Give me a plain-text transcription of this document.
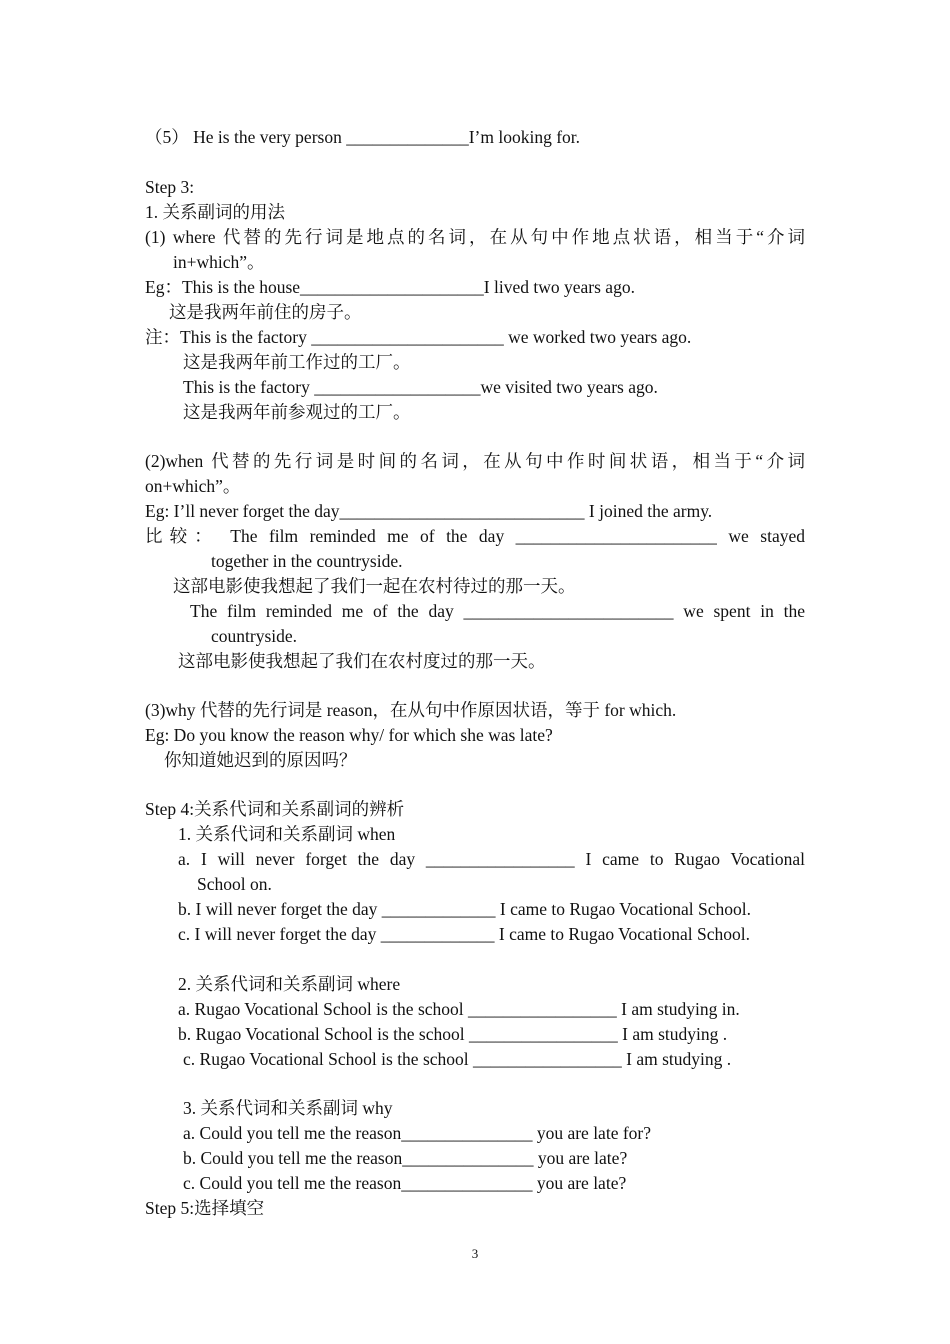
（5） He is the very person ______________I’m looking for.
Step 3:
1. 关系副词的用法
(1) where 代替的先行词是地点的名词，在从句中作地点状语，相当于“介词
in+which”。
Eg：This is the house_____________________I lived two years ago.
这是我两年前住的房子。
注：This is the factory ______________________ we worked two years ago.
这是我两年前工作过的工厂。
This is the factory ___________________we visited two years ago.
这是我两年前参观过的工厂。
(2)when 代替的先行词是时间的名词，在从句中作时间状语，相当于“介词
on+which”。
Eg: I’ll never forget the day____________________________ I joined the army.
比较： The film reminded me of the day _______________________ we stayed
together in the countryside.
这部电影使我想起了我们一起在农村待过的那一天。
The film reminded me of the day ________________________ we spent in the
countryside.
这部电影使我想起了我们在农村度过的那一天。
(3)why 代替的先行词是 reason，在从句中作原因状语，等于 for which.
Eg: Do you know the reason why/ for which she was late?
你知道她迟到的原因吗？
Step 4:关系代词和关系副词的辨析
1. 关系代词和关系副词 when
a. I will never forget the day _________________ I came to Rugao Vocational
School on.
b. I will never forget the day _____________ I came to Rugao Vocational School.
c. I will never forget the day _____________ I came to Rugao Vocational School.
2. 关系代词和关系副词 where
a. Rugao Vocational School is the school _________________ I am studying in.
b. Rugao Vocational School is the school _________________ I am studying .
c. Rugao Vocational School is the school _________________ I am studying .
3. 关系代词和关系副词 why
a. Could you tell me the reason_______________ you are late for?
b. Could you tell me the reason_______________ you are late?
c. Could you tell me the reason_______________ you are late?
Step 5:选择填空
3
